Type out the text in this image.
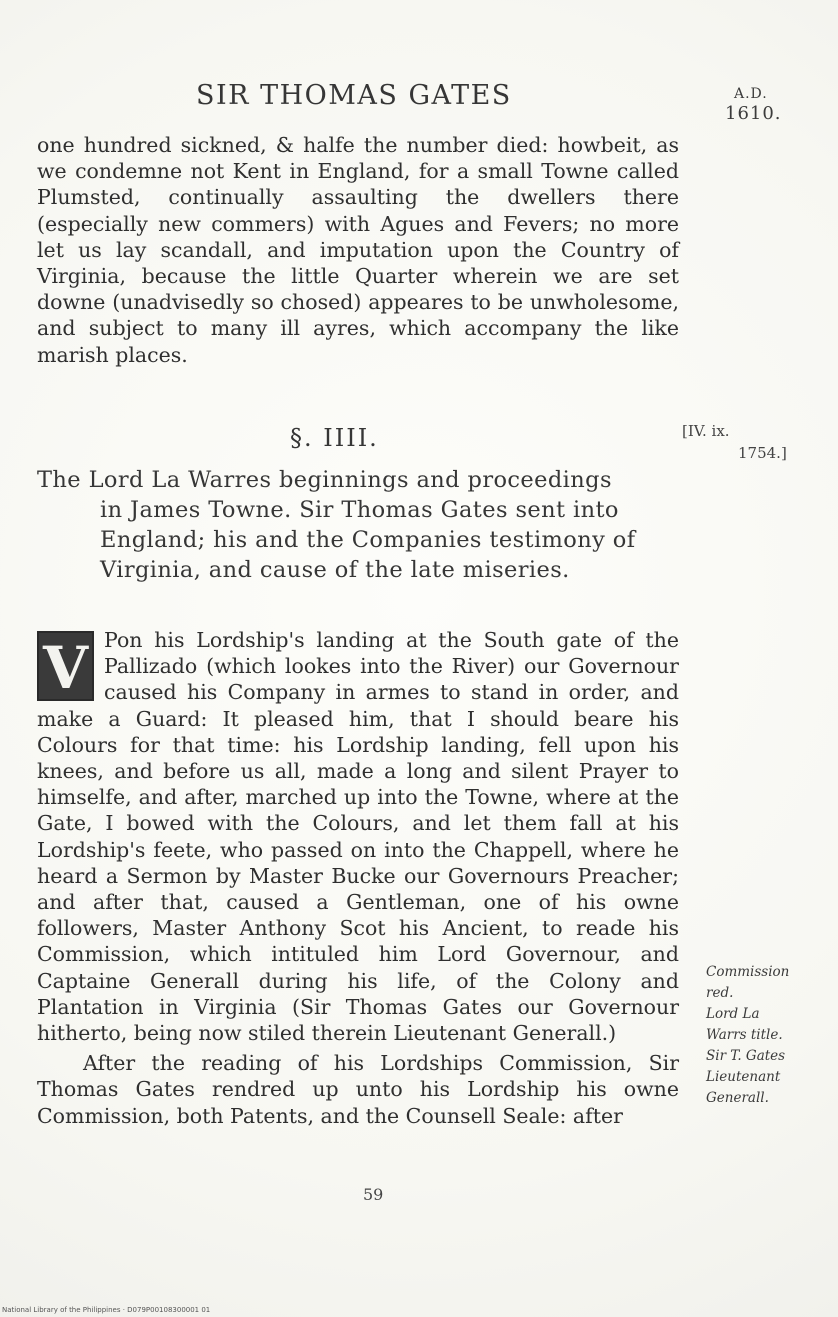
SIR THOMAS GATES	A.D.
1610.
one hundred sickned, & halfe the number died: howbeit, as we condemne not Kent in England, for a small Towne called Plumsted, continually assaulting the dwellers there (especially new commers) with Agues and Fevers; no more let us lay scandall, and imputation upon the Country of Virginia, because the little Quarter wherein we are set downe (unadvisedly so chosed) appeares to be unwholesome, and subject to many ill ayres, which accompany the like marish places.
§. IIII.	[IV. ix.
1754.]
The Lord La Warres beginnings and proceedings
in James Towne. Sir Thomas Gates sent into England; his and the Companies testimony of Virginia, and cause of the late miseries.
V Pon his Lordship's landing at the South gate of the Pallizado (which lookes into the River) our Governour caused his Company in armes to stand in order, and make a Guard: It pleased him, that I should beare his Colours for that time: his Lordship landing, fell upon his knees, and before us all, made a long and silent Prayer to himselfe, and after, marched up into the Towne, where at the Gate, I bowed with the Colours, and let them fall at his Lordship's feete, who passed on into the Chappell, where he heard a Sermon by Master Bucke our Governours Preacher; and after that, caused a Gentleman, one of his owne followers, Master Anthony Scot his Ancient, to reade his Commission, which intituled him Lord Governour, and Captaine Generall during his life, of the Colony and Plantation in Virginia (Sir Thomas Gates our Governour hitherto, being now stiled therein Lieutenant Generall.)
After the reading of his Lordships Commission, Sir Thomas Gates rendred up unto his Lordship his owne Commission, both Patents, and the Counsell Seale: after
Commission
red.
Lord La
Warrs title.
Sir T. Gates
Lieutenant
Generall.
59
National Library of the Philippines · D079P00108300001 01
